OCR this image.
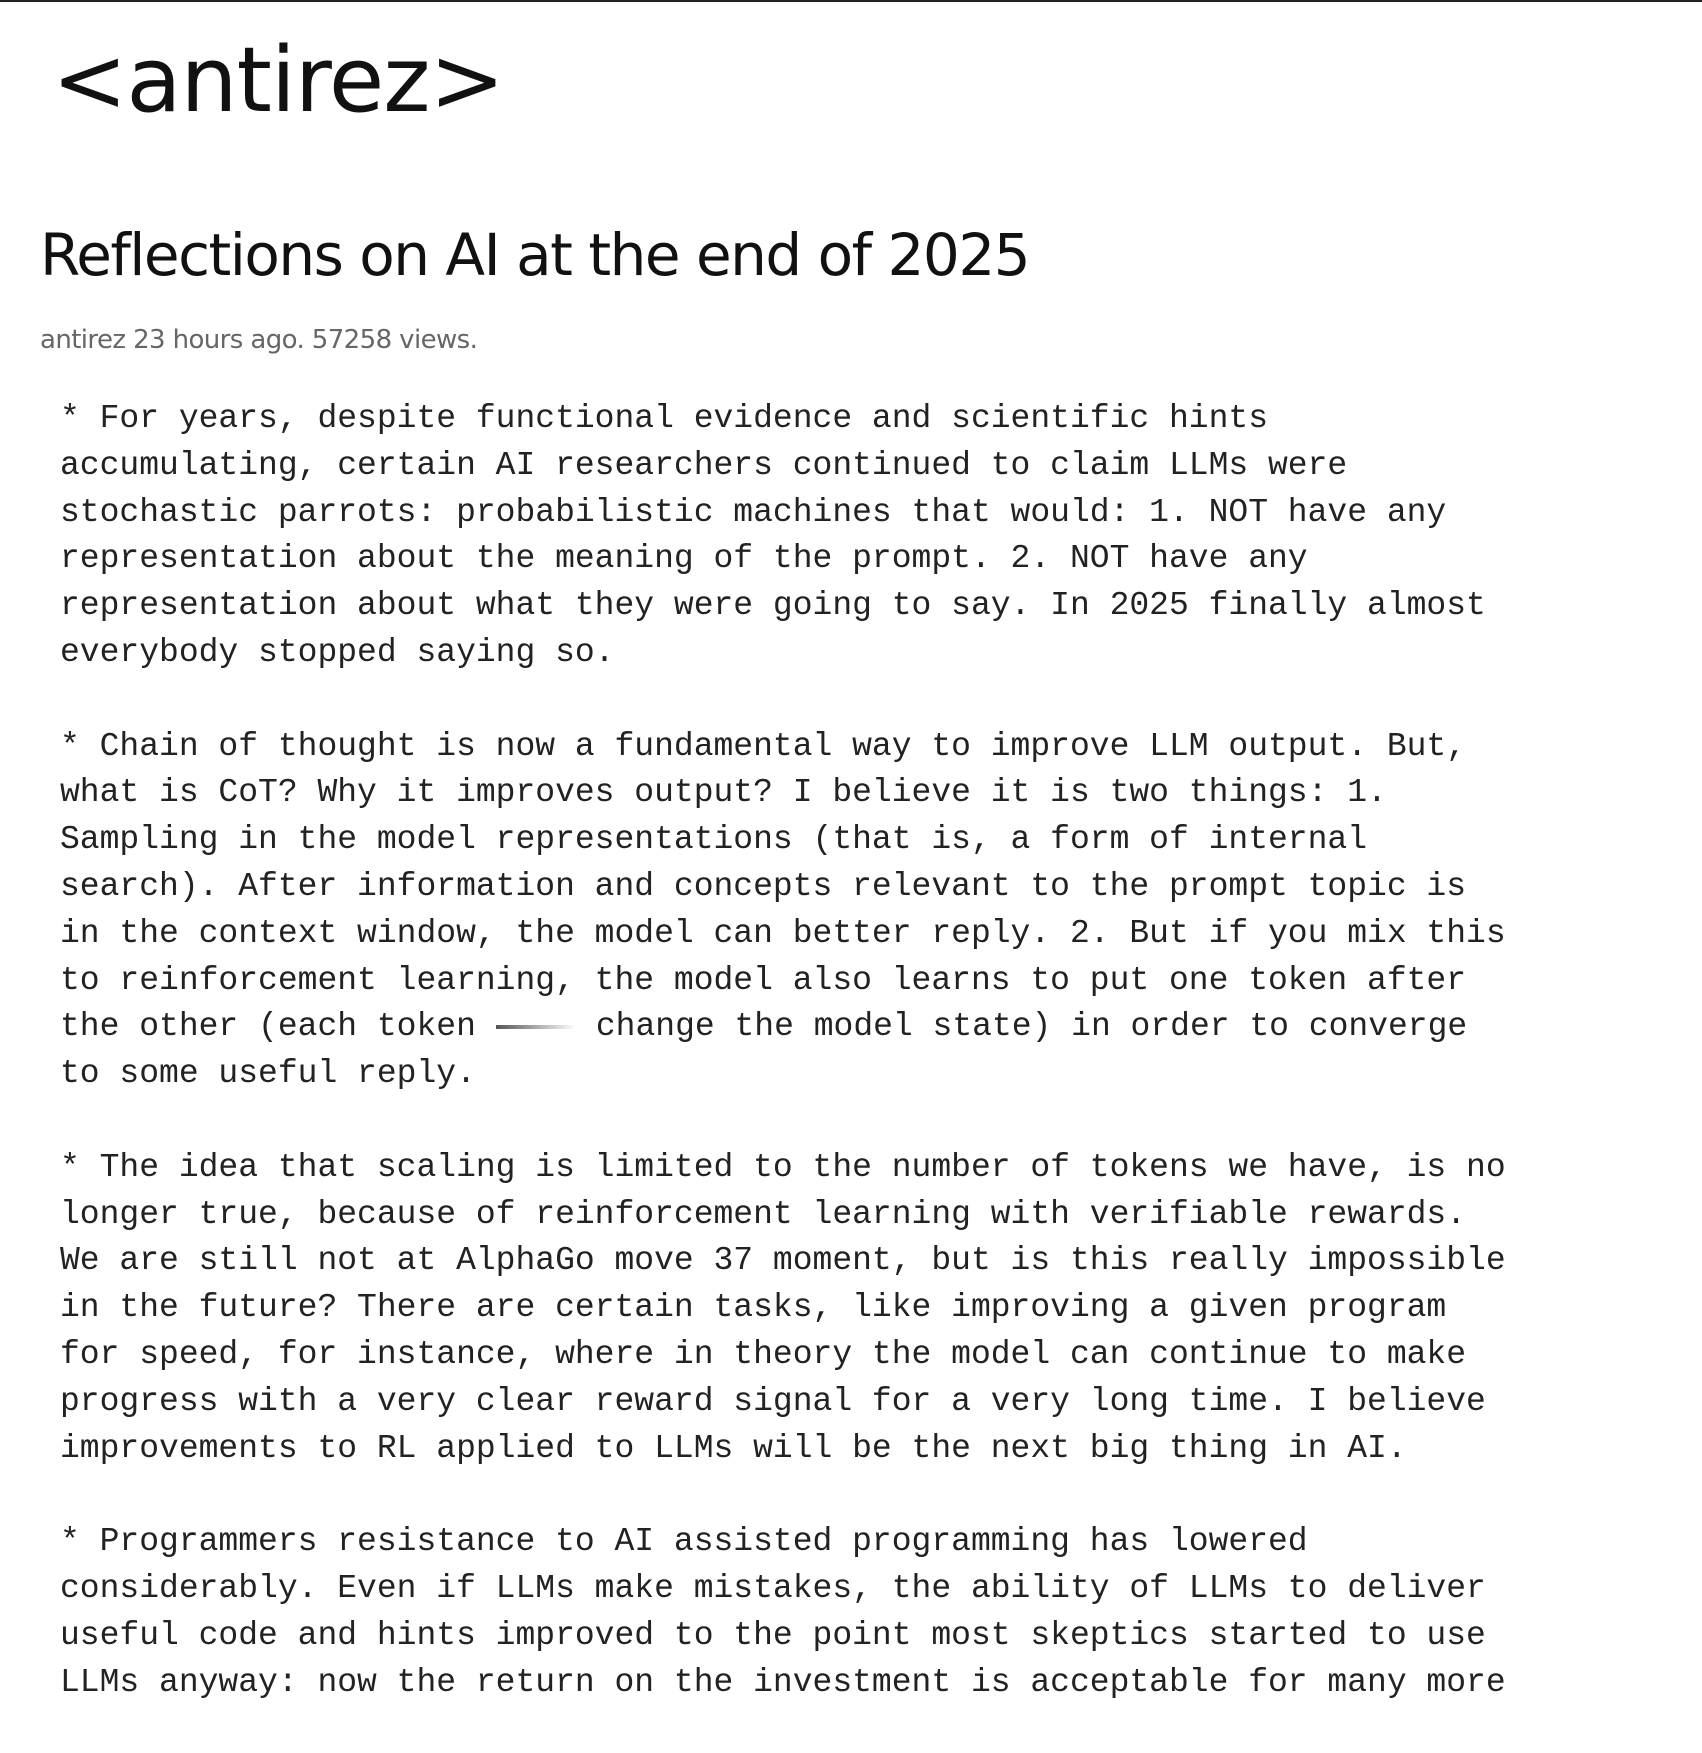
<antirez>
Reflections on AI at the end of 2025
antirez 23 hours ago. 57258 views.
* For years, despite functional evidence and scientific hints
accumulating, certain AI researchers continued to claim LLMs were
stochastic parrots: probabilistic machines that would: 1. NOT have any
representation about the meaning of the prompt. 2. NOT have any
representation about what they were going to say. In 2025 finally almost
everybody stopped saying so.
* Chain of thought is now a fundamental way to improve LLM output. But,
what is CoT? Why it improves output? I believe it is two things: 1.
Sampling in the model representations (that is, a form of internal
search). After information and concepts relevant to the prompt topic is
in the context window, the model can better reply. 2. But if you mix this
to reinforcement learning, the model also learns to put one token after
the other (each token	change the model state) in order to converge
to some useful reply.
* The idea that scaling is limited to the number of tokens we have, is no
longer true, because of reinforcement learning with verifiable rewards.
We are still not at AlphaGo move 37 moment, but is this really impossible
in the future? There are certain tasks, like improving a given program
for speed, for instance, where in theory the model can continue to make
progress with a very clear reward signal for a very long time. I believe
improvements to RL applied to LLMs will be the next big thing in AI.
* Programmers resistance to AI assisted programming has lowered
considerably. Even if LLMs make mistakes, the ability of LLMs to deliver
useful code and hints improved to the point most skeptics started to use
LLMs anyway: now the return on the investment is acceptable for many more
